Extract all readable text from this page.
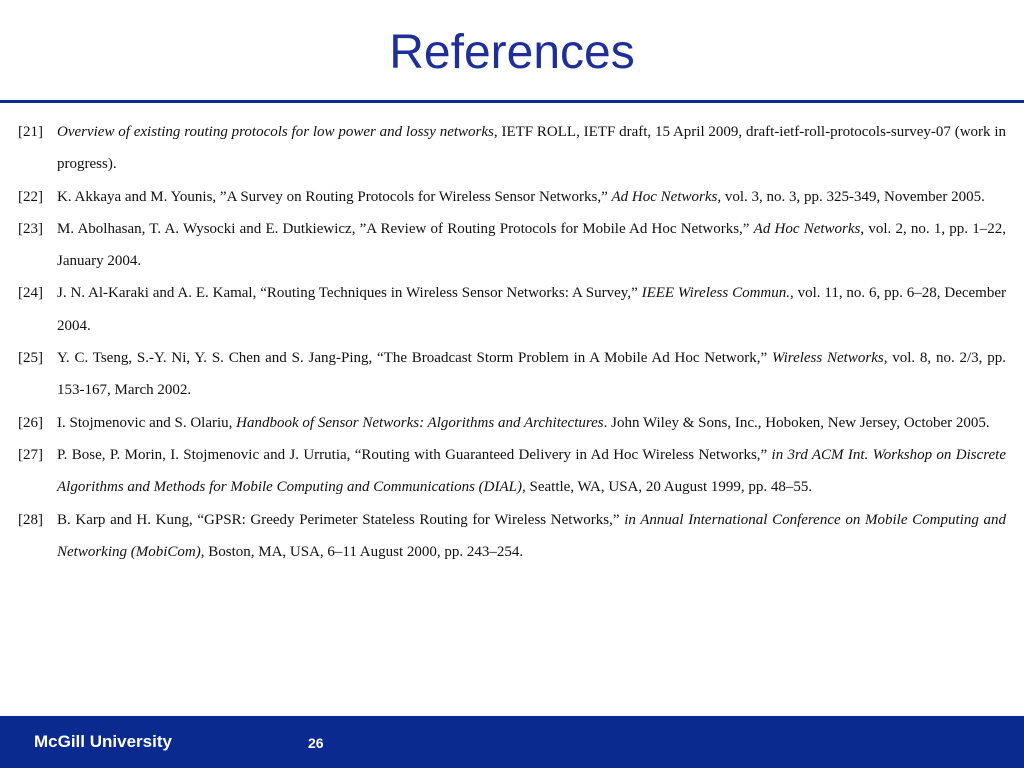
References
[21] Overview of existing routing protocols for low power and lossy networks, IETF ROLL, IETF draft, 15 April 2009, draft-ietf-roll-protocols-survey-07 (work in progress).
[22] K. Akkaya and M. Younis, ”A Survey on Routing Protocols for Wireless Sensor Networks,” Ad Hoc Networks, vol. 3, no. 3, pp. 325-349, November 2005.
[23] M. Abolhasan, T. A. Wysocki and E. Dutkiewicz, ”A Review of Routing Protocols for Mobile Ad Hoc Networks,” Ad Hoc Networks, vol. 2, no. 1, pp. 1–22, January 2004.
[24] J. N. Al-Karaki and A. E. Kamal, “Routing Techniques in Wireless Sensor Networks: A Survey,” IEEE Wireless Commun., vol. 11, no. 6, pp. 6–28, December 2004.
[25] Y. C. Tseng, S.-Y. Ni, Y. S. Chen and S. Jang-Ping, “The Broadcast Storm Problem in A Mobile Ad Hoc Network,” Wireless Networks, vol. 8, no. 2/3, pp. 153-167, March 2002.
[26] I. Stojmenovic and S. Olariu, Handbook of Sensor Networks: Algorithms and Architectures. John Wiley & Sons, Inc., Hoboken, New Jersey, October 2005.
[27] P. Bose, P. Morin, I. Stojmenovic and J. Urrutia, “Routing with Guaranteed Delivery in Ad Hoc Wireless Networks,” in 3rd ACM Int. Workshop on Discrete Algorithms and Methods for Mobile Computing and Communications (DIAL), Seattle, WA, USA, 20 August 1999, pp. 48–55.
[28] B. Karp and H. Kung, “GPSR: Greedy Perimeter Stateless Routing for Wireless Networks,” in Annual International Conference on Mobile Computing and Networking (MobiCom), Boston, MA, USA, 6–11 August 2000, pp. 243–254.
McGill University	26
